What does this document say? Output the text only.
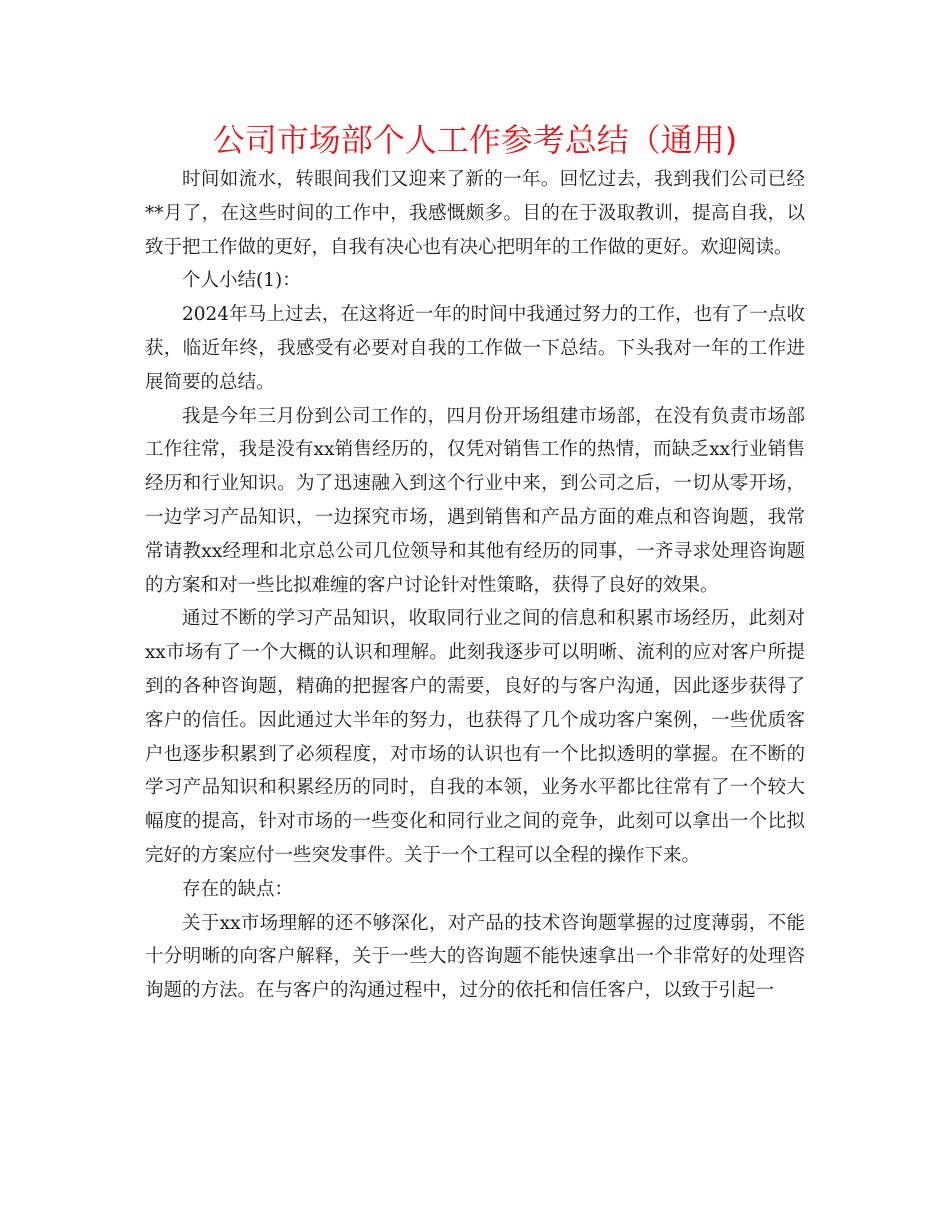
公司市场部个人工作参考总结（通用)

时间如流水，转眼间我们又迎来了新的一年。回忆过去，我到我们公司已经**月了，在这些时间的工作中，我感慨颇多。目的在于汲取教训，提高自我，以致于把工作做的更好，自我有决心也有决心把明年的工作做的更好。欢迎阅读。

个人小结(1)：

2024年马上过去，在这将近一年的时间中我通过努力的工作，也有了一点收获，临近年终，我感受有必要对自我的工作做一下总结。下头我对一年的工作进展简要的总结。

我是今年三月份到公司工作的，四月份开场组建市场部，在没有负责市场部工作往常，我是没有xx销售经历的，仅凭对销售工作的热情，而缺乏xx行业销售经历和行业知识。为了迅速融入到这个行业中来，到公司之后，一切从零开场，一边学习产品知识，一边探究市场，遇到销售和产品方面的难点和咨询题，我常常请教xx经理和北京总公司几位领导和其他有经历的同事，一齐寻求处理咨询题的方案和对一些比拟难缠的客户讨论针对性策略，获得了良好的效果。

通过不断的学习产品知识，收取同行业之间的信息和积累市场经历，此刻对xx市场有了一个大概的认识和理解。此刻我逐步可以明晰、流利的应对客户所提到的各种咨询题，精确的把握客户的需要，良好的与客户沟通，因此逐步获得了客户的信任。因此通过大半年的努力，也获得了几个成功客户案例，一些优质客户也逐步积累到了必须程度，对市场的认识也有一个比拟透明的掌握。在不断的学习产品知识和积累经历的同时，自我的本领，业务水平都比往常有了一个较大幅度的提高，针对市场的一些变化和同行业之间的竞争，此刻可以拿出一个比拟完好的方案应付一些突发事件。关于一个工程可以全程的操作下来。

存在的缺点：

关于xx市场理解的还不够深化，对产品的技术咨询题掌握的过度薄弱，不能十分明晰的向客户解释，关于一些大的咨询题不能快速拿出一个非常好的处理咨询题的方法。在与客户的沟通过程中，过分的依托和信任客户，以致于引起一
